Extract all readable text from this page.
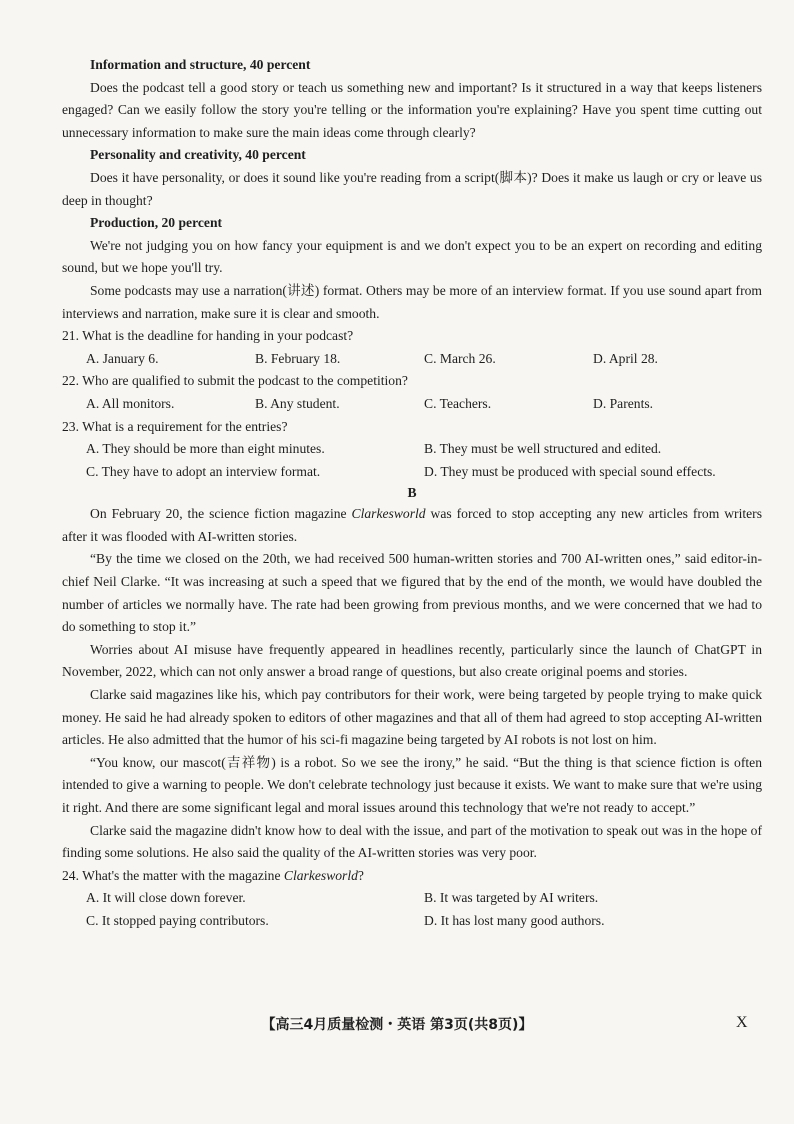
Information and structure, 40 percent

Does the podcast tell a good story or teach us something new and important? Is it structured in a way that keeps listeners engaged? Can we easily follow the story you're telling or the information you're explaining? Have you spent time cutting out unnecessary information to make sure the main ideas come through clearly?

Personality and creativity, 40 percent

Does it have personality, or does it sound like you're reading from a script(脚本)? Does it make us laugh or cry or leave us deep in thought?

Production, 20 percent

We're not judging you on how fancy your equipment is and we don't expect you to be an expert on recording and editing sound, but we hope you'll try.

Some podcasts may use a narration(讲述) format. Others may be more of an interview format. If you use sound apart from interviews and narration, make sure it is clear and smooth.

21. What is the deadline for handing in your podcast?

A. January 6.	B. February 18.	C. March 26.	D. April 28.

22. Who are qualified to submit the podcast to the competition?

A. All monitors.	B. Any student.	C. Teachers.	D. Parents.

23. What is a requirement for the entries?

A. They should be more than eight minutes.	B. They must be well structured and edited.
C. They have to adopt an interview format.	D. They must be produced with special sound effects.

B

On February 20, the science fiction magazine Clarkesworld was forced to stop accepting any new articles from writers after it was flooded with AI-written stories.

“By the time we closed on the 20th, we had received 500 human-written stories and 700 AI-written ones,” said editor-in-chief Neil Clarke. “It was increasing at such a speed that we figured that by the end of the month, we would have doubled the number of articles we normally have. The rate had been growing from previous months, and we were concerned that we had to do something to stop it.”

Worries about AI misuse have frequently appeared in headlines recently, particularly since the launch of ChatGPT in November, 2022, which can not only answer a broad range of questions, but also create original poems and stories.

Clarke said magazines like his, which pay contributors for their work, were being targeted by people trying to make quick money. He said he had already spoken to editors of other magazines and that all of them had agreed to stop accepting AI-written articles. He also admitted that the humor of his sci-fi magazine being targeted by AI robots is not lost on him.

“You know, our mascot(吉祥物) is a robot. So we see the irony,” he said. “But the thing is that science fiction is often intended to give a warning to people. We don't celebrate technology just because it exists. We want to make sure that we're using it right. And there are some significant legal and moral issues around this technology that we're not ready to accept.”

Clarke said the magazine didn't know how to deal with the issue, and part of the motivation to speak out was in the hope of finding some solutions. He also said the quality of the AI-written stories was very poor.

24. What's the matter with the magazine Clarkesworld?

A. It will close down forever.	B. It was targeted by AI writers.
C. It stopped paying contributors.	D. It has lost many good authors.
【高三4月质量检测・英语 第3页(共8页)】	X
